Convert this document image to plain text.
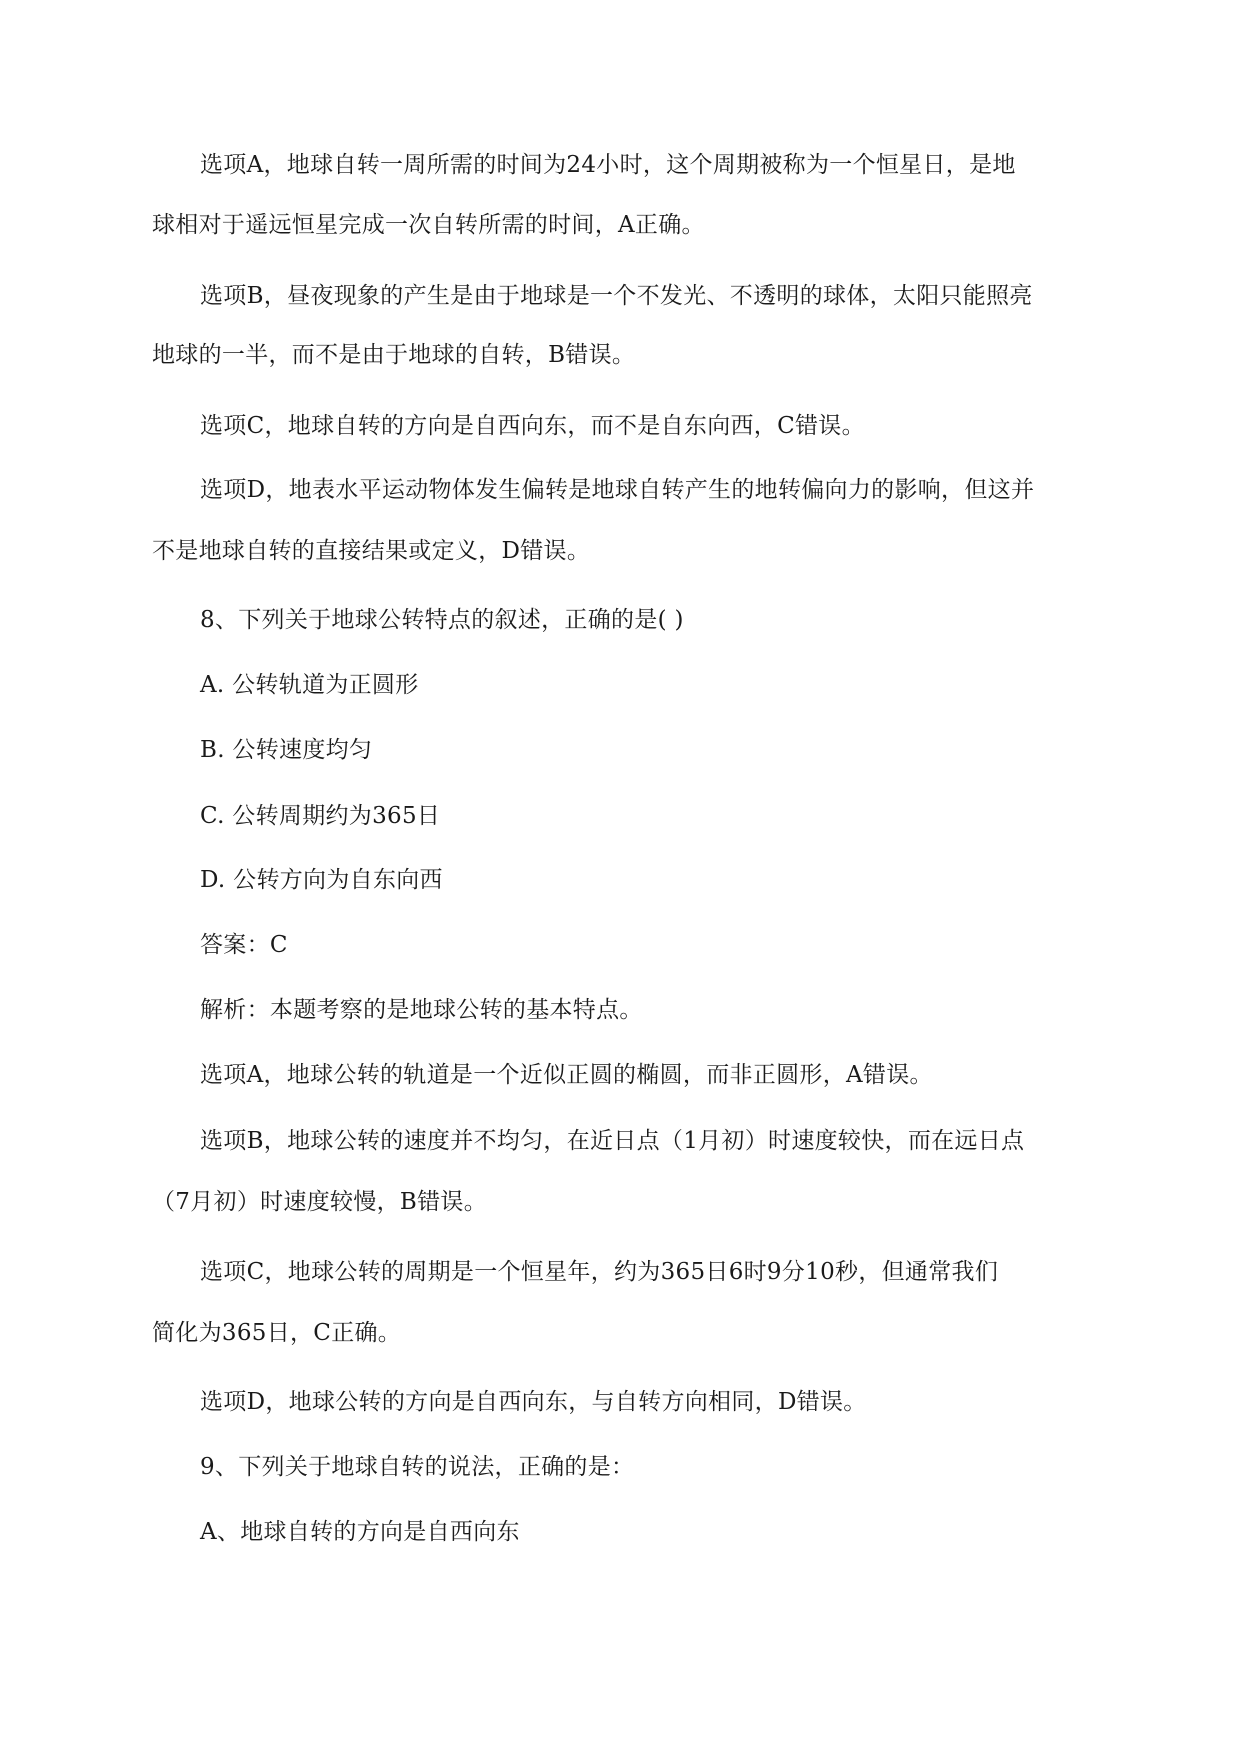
选项A，地球自转一周所需的时间为24小时，这个周期被称为一个恒星日，是地
球相对于遥远恒星完成一次自转所需的时间，A正确。
选项B，昼夜现象的产生是由于地球是一个不发光、不透明的球体，太阳只能照亮
地球的一半，而不是由于地球的自转，B错误。
选项C，地球自转的方向是自西向东，而不是自东向西，C错误。
选项D，地表水平运动物体发生偏转是地球自转产生的地转偏向力的影响，但这并
不是地球自转的直接结果或定义，D错误。
8、下列关于地球公转特点的叙述，正确的是( )
A. 公转轨道为正圆形
B. 公转速度均匀
C. 公转周期约为365日
D. 公转方向为自东向西
答案：C
解析：本题考察的是地球公转的基本特点。
选项A，地球公转的轨道是一个近似正圆的椭圆，而非正圆形，A错误。
选项B，地球公转的速度并不均匀，在近日点（1月初）时速度较快，而在远日点
（7月初）时速度较慢，B错误。
选项C，地球公转的周期是一个恒星年，约为365日6时9分10秒，但通常我们
简化为365日，C正确。
选项D，地球公转的方向是自西向东，与自转方向相同，D错误。
9、下列关于地球自转的说法，正确的是：
A、地球自转的方向是自西向东
